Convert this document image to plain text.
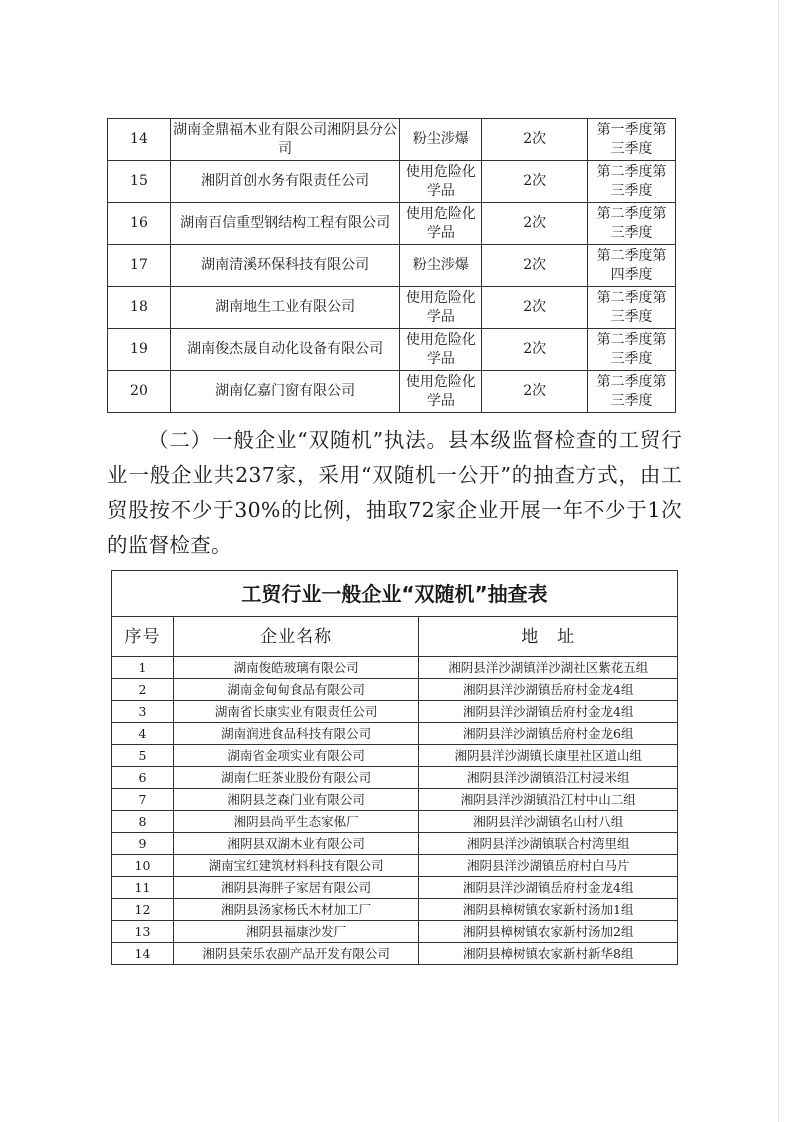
14	湖南金鼎福木业有限公司湘阴县分公司	粉尘涉爆	2次	第一季度第三季度
15	湘阴首创水务有限责任公司	使用危险化学品	2次	第二季度第三季度
16	湖南百信重型钢结构工程有限公司	使用危险化学品	2次	第二季度第三季度
17	湖南清溪环保科技有限公司	粉尘涉爆	2次	第二季度第四季度
18	湖南地生工业有限公司	使用危险化学品	2次	第二季度第三季度
19	湖南俊杰晟自动化设备有限公司	使用危险化学品	2次	第二季度第三季度
20	湖南亿嘉门窗有限公司	使用危险化学品	2次	第二季度第三季度

（二）一般企业“双随机”执法。县本级监督检查的工贸行业一般企业共237家，采用“双随机一公开”的抽查方式，由工贸股按不少于30%的比例，抽取72家企业开展一年不少于1次的监督检查。

工贸行业一般企业“双随机”抽查表		
序号	企业名称	地　址
1	湖南俊皓玻璃有限公司	湘阴县洋沙湖镇洋沙湖社区紫花五组
2	湖南金甸甸食品有限公司	湘阴县洋沙湖镇岳府村金龙4组
3	湖南省长康实业有限责任公司	湘阴县洋沙湖镇岳府村金龙4组
4	湖南润进食品科技有限公司	湘阴县洋沙湖镇岳府村金龙6组
5	湖南省金项实业有限公司	湘阴县洋沙湖镇长康里社区道山组
6	湖南仁旺茶业股份有限公司	湘阴县洋沙湖镇沿江村浸米组
7	湘阴县芝森门业有限公司	湘阴县洋沙湖镇沿江村中山二组
8	湘阴县尚平生态家俬厂	湘阴县洋沙湖镇名山村八组
9	湘阴县双湖木业有限公司	湘阴县洋沙湖镇联合村湾里组
10	湖南宝红建筑材料科技有限公司	湘阴县洋沙湖镇岳府村白马片
11	湘阴县海胖子家居有限公司	湘阴县洋沙湖镇岳府村金龙4组
12	湘阴县汤家杨氏木材加工厂	湘阴县樟树镇农家新村汤加1组
13	湘阴县福康沙发厂	湘阴县樟树镇农家新村汤加2组
14	湘阴县荣乐农副产品开发有限公司	湘阴县樟树镇农家新村新华8组
